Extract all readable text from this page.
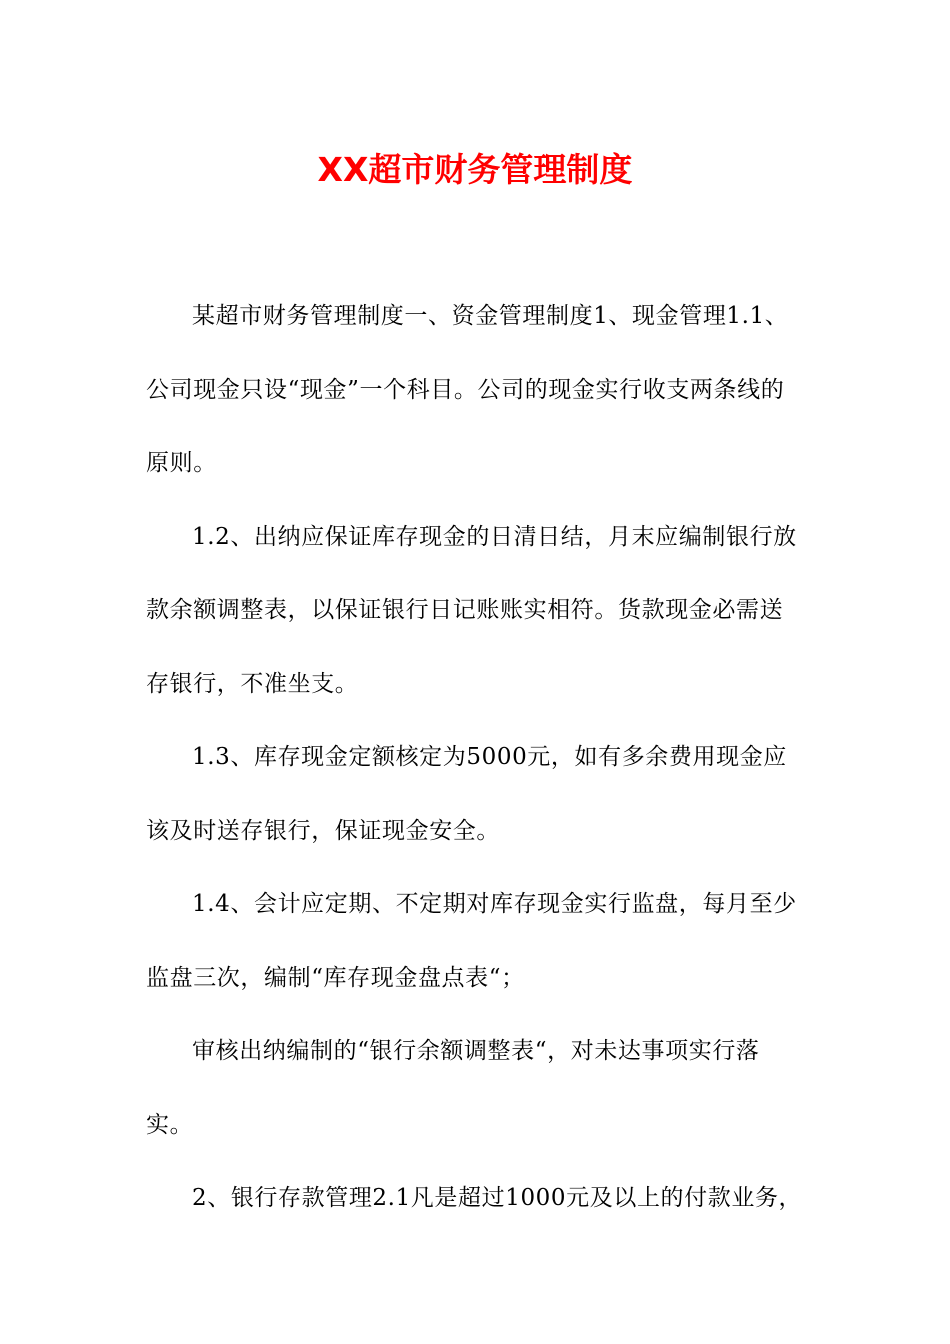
XX超市财务管理制度

某超市财务管理制度一、资金管理制度1、现金管理1.1、公司现金只设“现金”一个科目。公司的现金实行收支两条线的原则。

1.2、出纳应保证库存现金的日清日结，月末应编制银行放款余额调整表，以保证银行日记账账实相符。货款现金必需送存银行，不准坐支。

1.3、库存现金定额核定为5000元，如有多余费用现金应该及时送存银行，保证现金安全。

1.4、会计应定期、不定期对库存现金实行监盘，每月至少监盘三次，编制“库存现金盘点表“；

审核出纳编制的“银行余额调整表“，对未达事项实行落实。

2、银行存款管理2.1凡是超过1000元及以上的付款业务，
